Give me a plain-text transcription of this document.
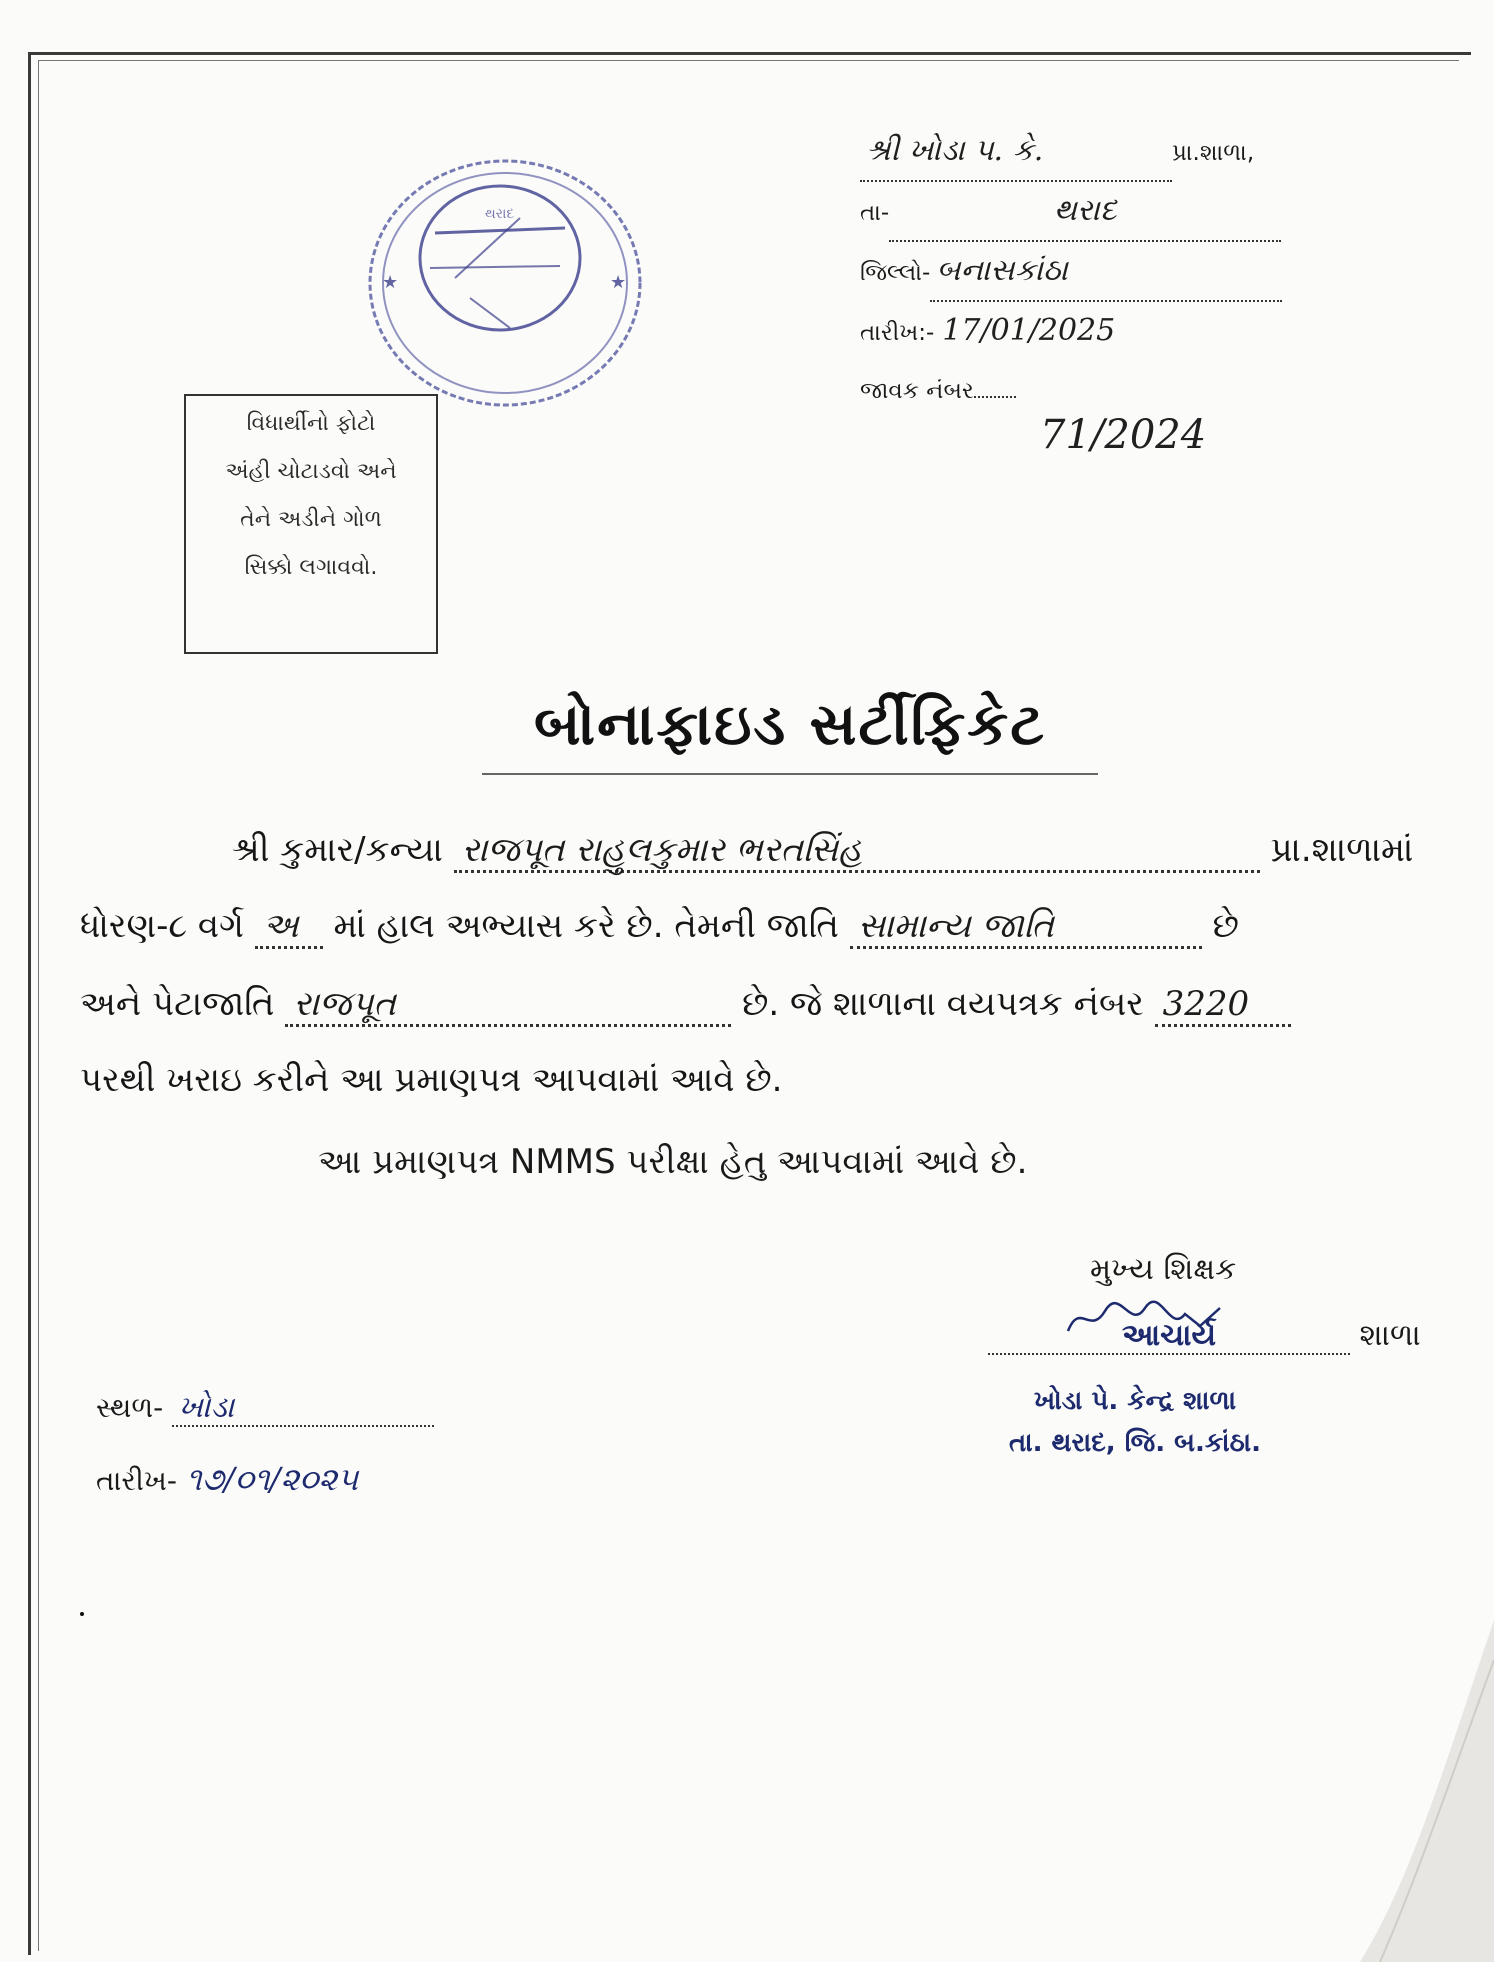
શ્રી ખોડા પ. કે.	પ્રા.શાળા,
તા-	થરાદ
જિલ્લો- બનાસકાંઠા
તારીખ:- 17/01/2025
જાવક નંબર
71/2024
★	★
થરાદ
વિધાર્થીનો ફોટો
અંહી ચોટાડવો અને
તેને અડીને ગોળ
સિક્કો લગાવવો.
બોનાફાઇડ સર્ટીફિકેટ
શ્રી કુમાર/કન્યા રાજપૂત રાહુલકુમાર ભરતસિંહ	પ્રા.શાળામાં
ધોરણ-૮ વર્ગ અ માં હાલ અભ્યાસ કરે છે. તેમની જાતિ સામાન્ય જાતિ	છે
અને પેટાજાતિ રાજપૂત	છે. જે શાળાના વયપત્રક નંબર 3220
પરથી ખરાઇ કરીને આ પ્રમાણપત્ર આપવામાં આવે છે.
આ પ્રમાણપત્ર NMMS પરીક્ષા હેતુ આપવામાં આવે છે.
મુખ્ય શિક્ષક
આચાર્ય	શાળા
ખોડા પે. કેન્દ્ર શાળા
તા. થરાદ, જિ. બ.કાંઠા.
સ્થળ- ખોડા
તારીખ- ૧૭/૦૧/૨૦૨૫
